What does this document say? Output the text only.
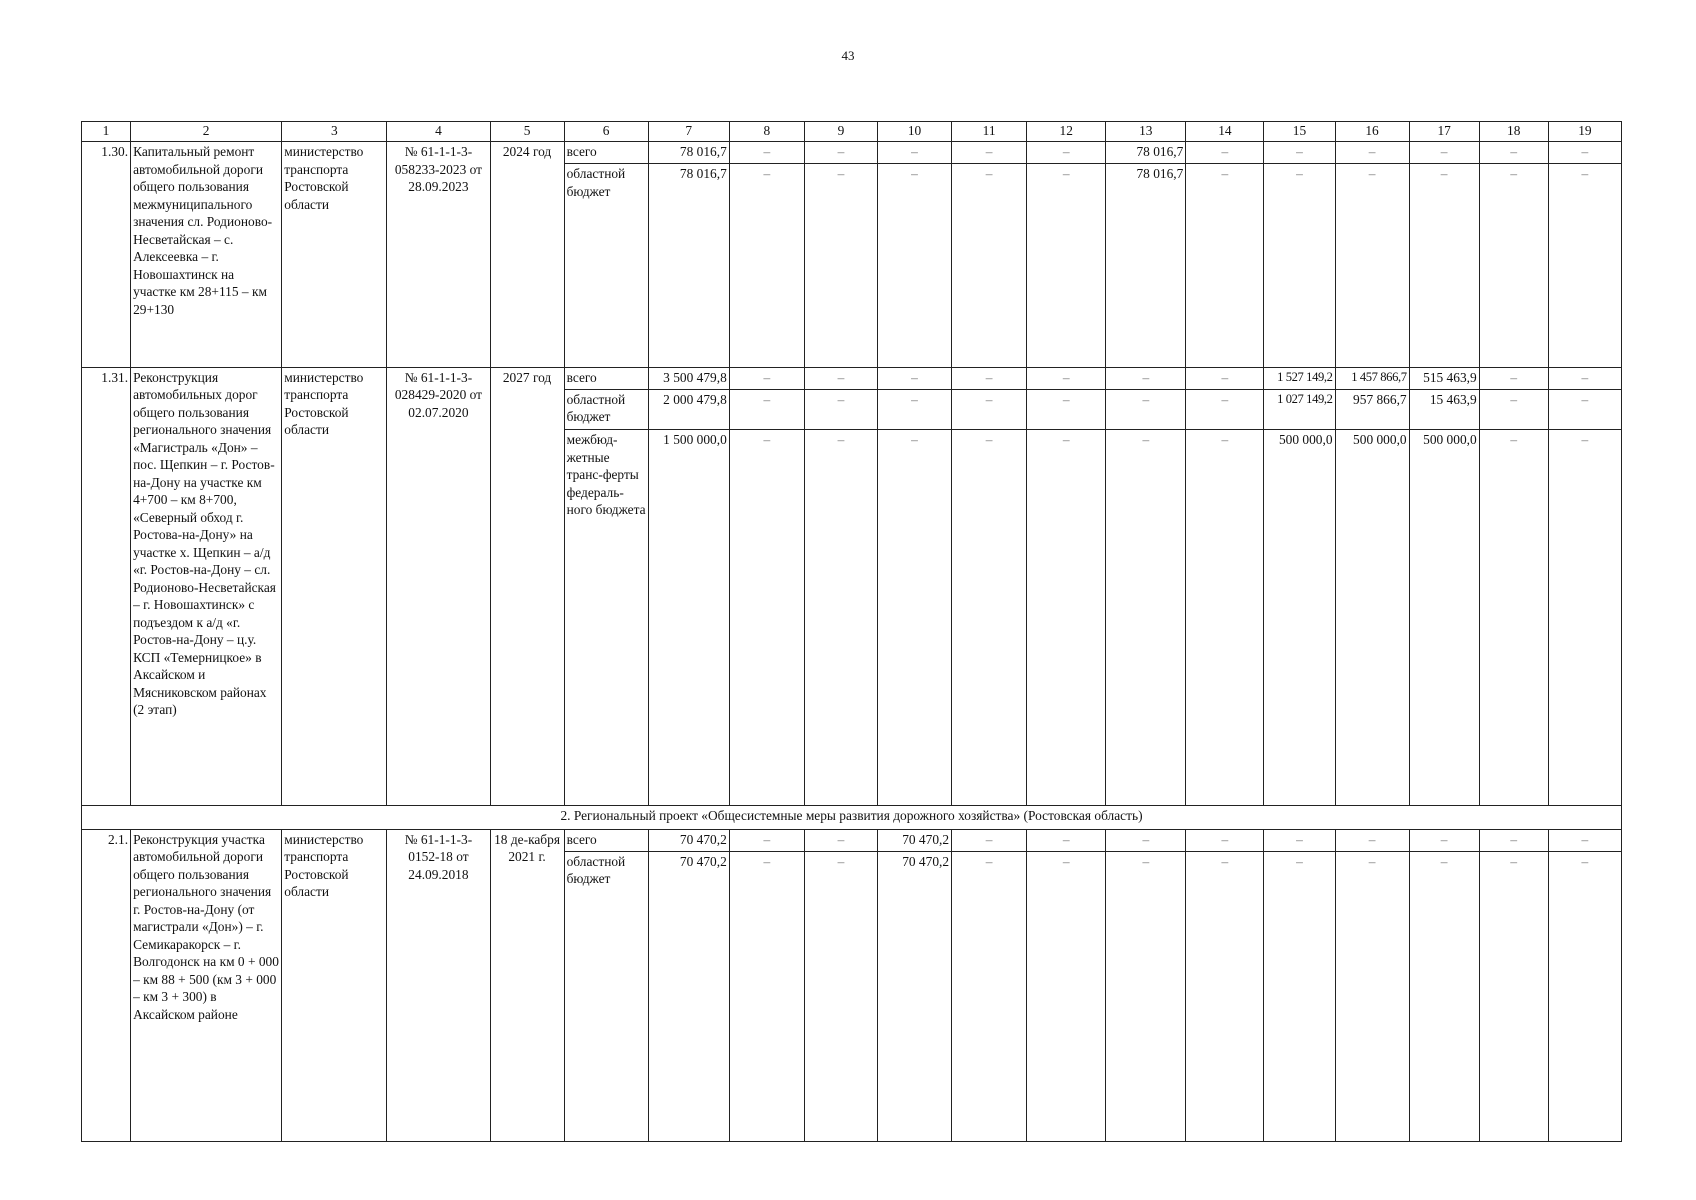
43
1	2	3	4	5	6	7	8	9	10	11	12	13	14	15	16	17	18	19
1.30.	Капитальный ремонт автомобильной дороги общего пользования межмуниципального значения сл. Родионово-Несветайская – с. Алексеевка – г. Новошахтинск на участке км 28+115 – км 29+130	министерство транспорта Ростовской области	№ 61-1-1-3-058233-2023 от 28.09.2023	2024 год	всего	78 016,7	–	–	–	–	–	78 016,7	–	–	–	–	–	–
					областной бюджет	78 016,7	–	–	–	–	–	78 016,7	–	–	–	–	–	–
1.31.	Реконструкция автомобильных дорог общего пользования регионального значения «Магистраль «Дон» – пос. Щепкин – г. Ростов-на-Дону на участке км 4+700 – км 8+700, «Северный обход г. Ростова-на-Дону» на участке х. Щепкин – а/д «г. Ростов-на-Дону – сл. Родионово-Несветайская – г. Новошахтинск» с подъездом к а/д «г. Ростов-на-Дону – ц.у. КСП «Темерницкое» в Аксайском и Мясниковском районах (2 этап)	министерство транспорта Ростовской области	№ 61-1-1-3-028429-2020 от 02.07.2020	2027 год	всего	3 500 479,8	–	–	–	–	–	–	–	1 527 149,2	1 457 866,7	515 463,9	–	–
					областной бюджет	2 000 479,8	–	–	–	–	–	–	–	1 027 149,2	957 866,7	15 463,9	–	–
					межбюд-жетные транс-ферты федераль-ного бюджета	1 500 000,0	–	–	–	–	–	–	–	500 000,0	500 000,0	500 000,0	–	–
2. Региональный проект «Общесистемные меры развития дорожного хозяйства» (Ростовская область)																		
2.1.	Реконструкция участка автомобильной дороги общего пользования регионального значения г. Ростов-на-Дону (от магистрали «Дон») – г. Семикаракорск – г. Волгодонск на км 0 + 000 – км 88 + 500 (км 3 + 000 – км 3 + 300) в Аксайском районе	министерство транспорта Ростовской области	№ 61-1-1-3-0152-18 от 24.09.2018	18 де-кабря 2021 г.	всего	70 470,2	–	–	70 470,2	–	–	–	–	–	–	–	–	–
					областной бюджет	70 470,2	–	–	70 470,2	–	–	–	–	–	–	–	–	–
